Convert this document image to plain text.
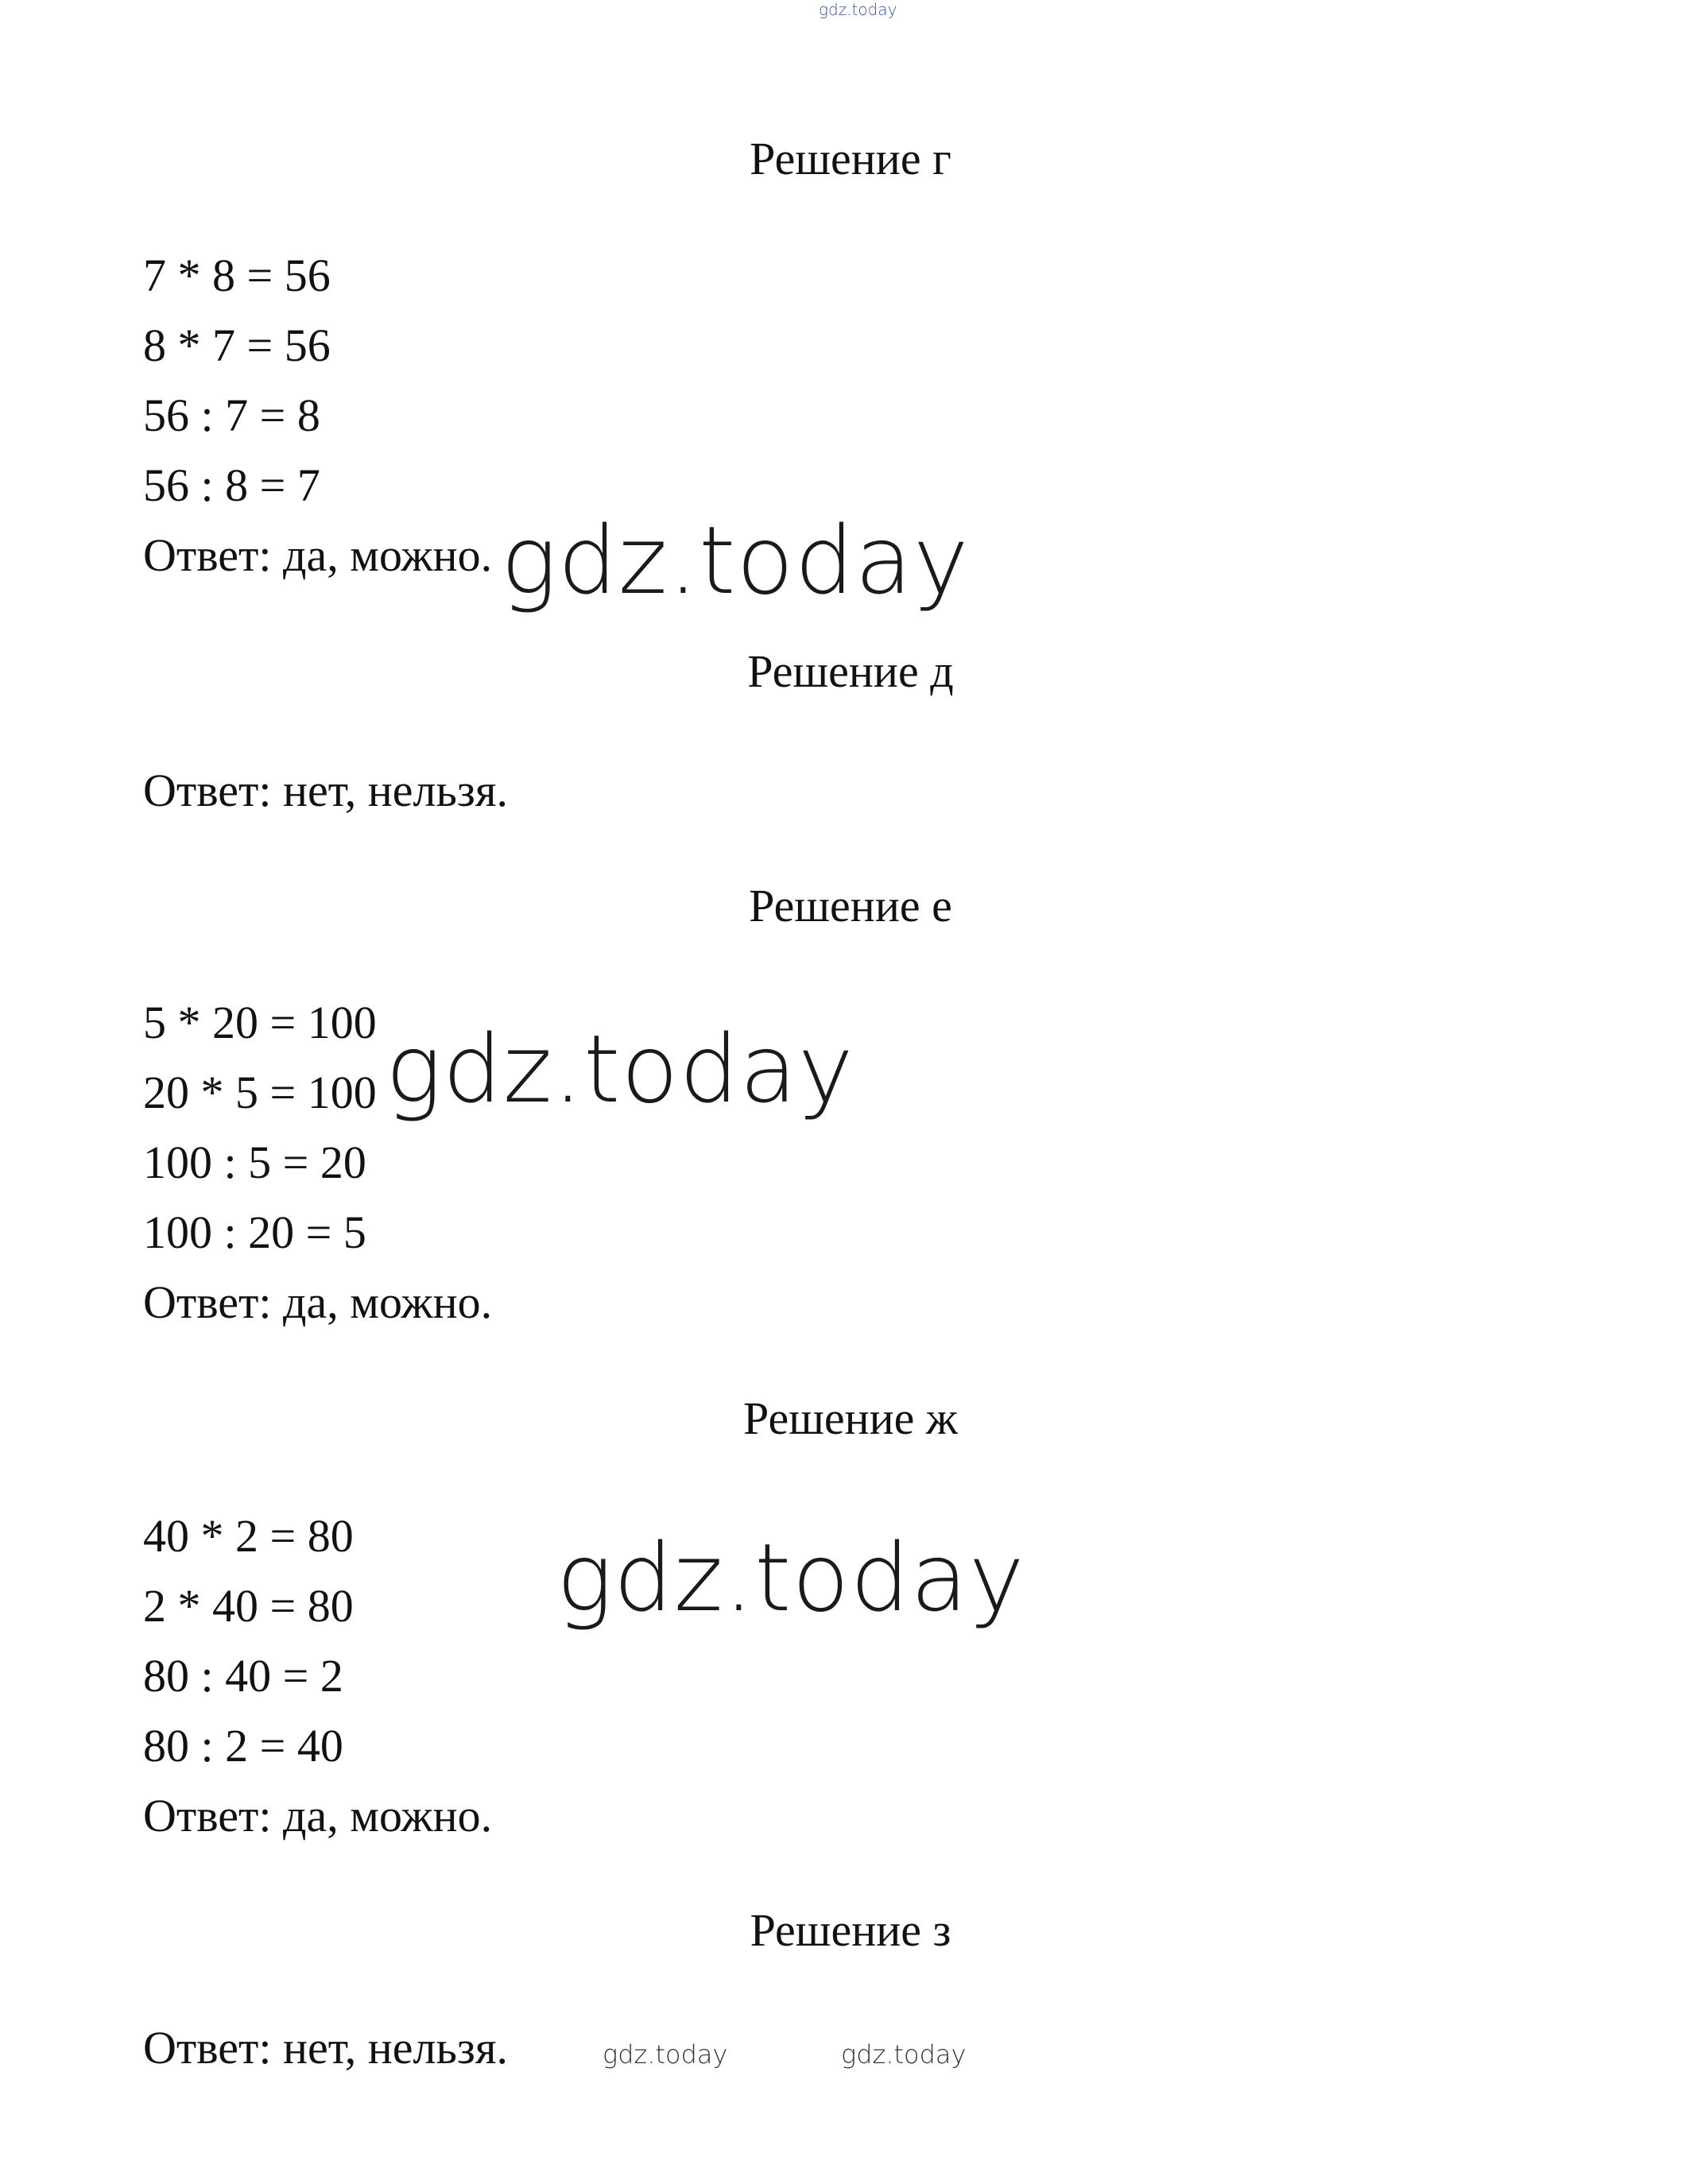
gdz.today
Решение г
7 * 8 = 56
8 * 7 = 56
56 : 7 = 8
56 : 8 = 7
Ответ: да, можно. gdz.today
Решение д
Ответ: нет, нельзя.
Решение е
5 * 20 = 100
20 * 5 = 100
100 : 5 = 20
100 : 20 = 5
Ответ: да, можно.
gdz.today
Решение ж
40 * 2 = 80
2 * 40 = 80
80 : 40 = 2
80 : 2 = 40
Ответ: да, можно.
gdz.today
Решение з
Ответ: нет, нельзя.	gdz.today	gdz.today
